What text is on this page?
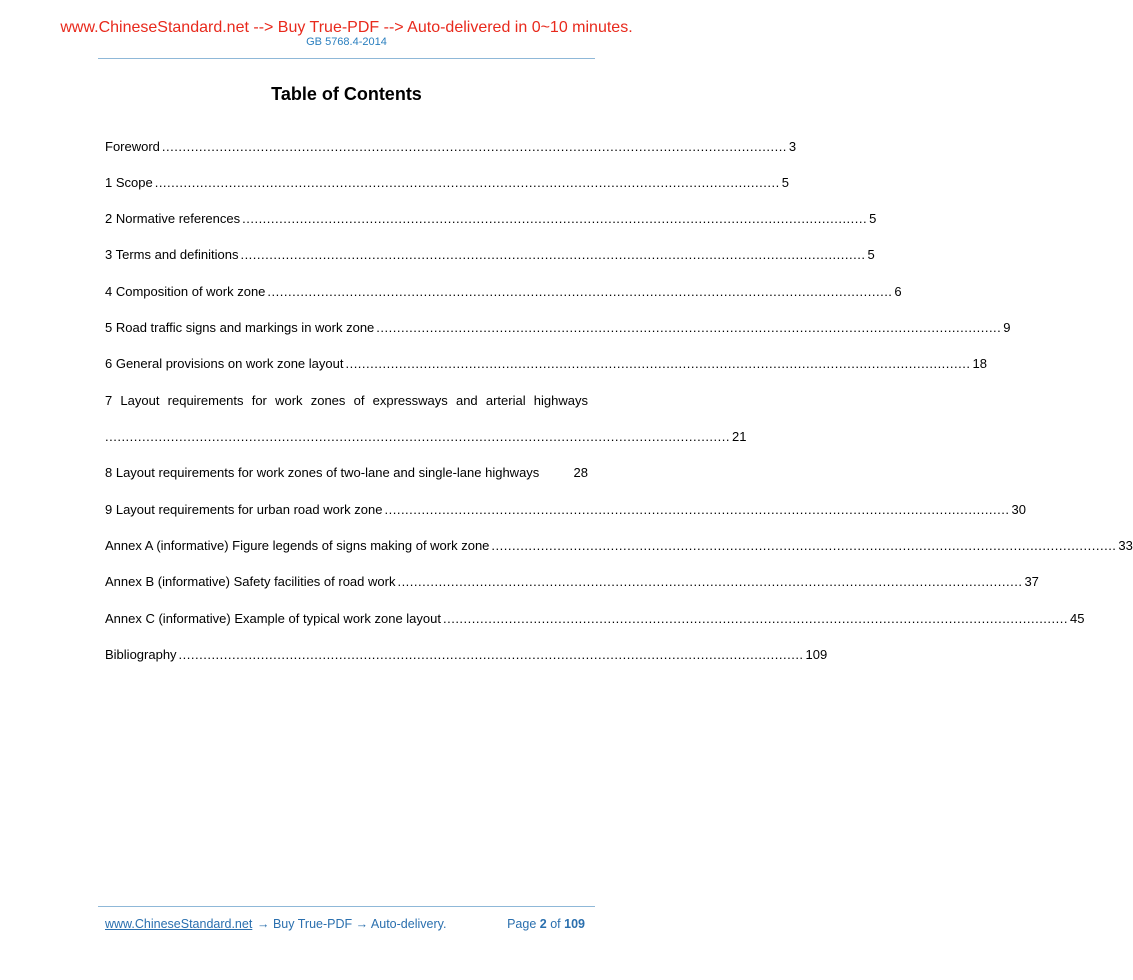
www.ChineseStandard.net --> Buy True-PDF --> Auto-delivered in 0~10 minutes.
GB 5768.4-2014
Table of Contents
Foreword ........................................................................................................................................................ 3
1 Scope ........................................................................................................................................................ 5
2 Normative references ........................................................................................................................................................ 5
3 Terms and definitions ........................................................................................................................................................ 5
4 Composition of work zone ........................................................................................................................................................ 6
5 Road traffic signs and markings in work zone ........................................................................................................................................................ 9
6 General provisions on work zone layout ........................................................................................................................................................ 18
7 Layout requirements for work zones of expressways and arterial highways
........................................................................................................................................................ 21
8 Layout requirements for work zones of two-lane and single-lane highways	28
9 Layout requirements for urban road work zone ........................................................................................................................................................ 30
Annex A (informative) Figure legends of signs making of work zone ........................................................................................................................................................ 33
Annex B (informative) Safety facilities of road work ........................................................................................................................................................ 37
Annex C (informative) Example of typical work zone layout ........................................................................................................................................................ 45
Bibliography ........................................................................................................................................................ 109
www.ChineseStandard.net → Buy True-PDF → Auto-delivery.	Page 2 of 109
